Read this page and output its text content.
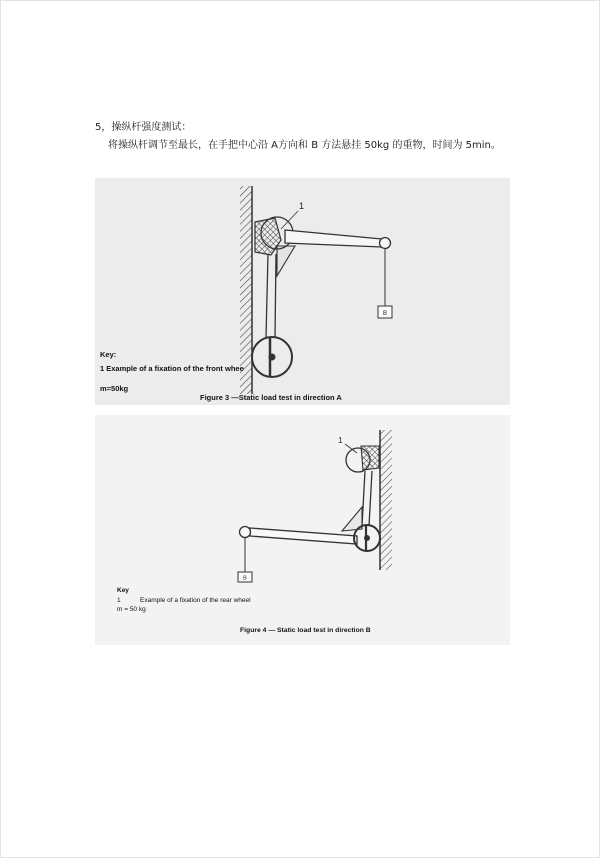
5，操纵杆强度测试：
将操纵杆调节至最长，在手把中心沿 A方向和 B 方法悬挂 50kg 的重物，时间为 5min。
B
1
Key:
1 Example of a fixation of the front whee
m=50kg
Figure 3 —Static load test in direction A
1
B
Key
1	Example of a fixation of the rear wheel
m = 50 kg
Figure 4 — Static load test in direction B
